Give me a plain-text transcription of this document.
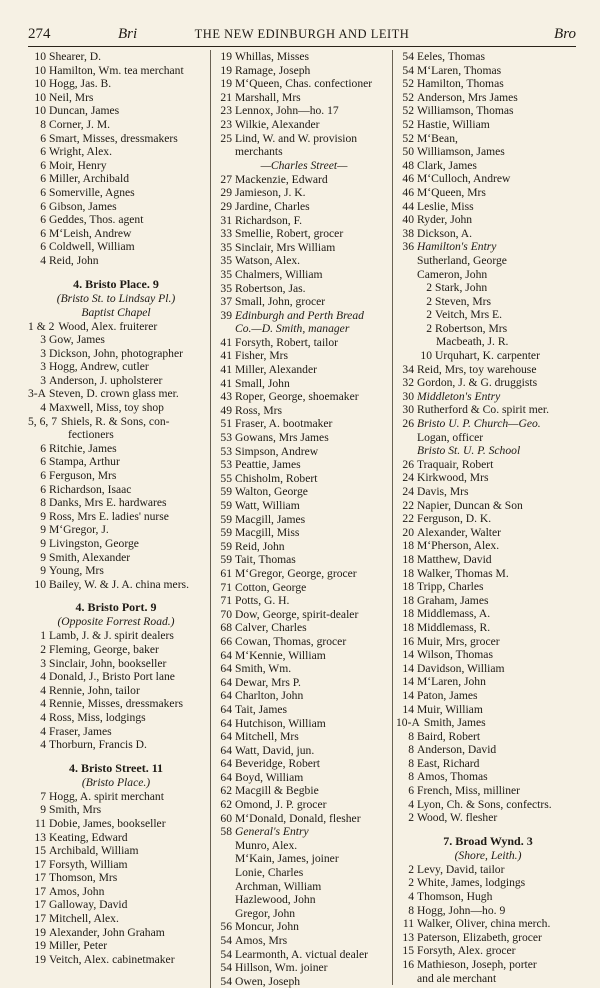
274	Bri	THE NEW EDINBURGH AND LEITH	Bro
10 Shearer, D.
10 Hamilton, Wm. tea merchant
10 Hogg, Jas. B.
10 Neil, Mrs
10 Duncan, James
8 Corner, J. M.
6 Smart, Misses, dressmakers
6 Wright, Alex.
6 Moir, Henry
6 Miller, Archibald
6 Somerville, Agnes
6 Gibson, James
6 Geddes, Thos. agent
6 M‘Leish, Andrew
6 Coldwell, William
4 Reid, John
4. Bristo Place. 9
(Bristo St. to Lindsay Pl.)
Baptist Chapel
1 & 2 Wood, Alex. fruiterer
3 Gow, James
3 Dickson, John, photographer
3 Hogg, Andrew, cutler
3 Anderson, J. upholsterer
3-A Steven, D. crown glass mer.
4 Maxwell, Miss, toy shop
5, 6, 7 Shiels, R. & Sons, con-
fectioners
6 Ritchie, James
6 Stampa, Arthur
6 Ferguson, Mrs
6 Richardson, Isaac
8 Danks, Mrs E. hardwares
9 Ross, Mrs E. ladies' nurse
9 M‘Gregor, J.
9 Livingston, George
9 Smith, Alexander
9 Young, Mrs
10 Bailey, W. & J. A. china mers.
4. Bristo Port. 9
(Opposite Forrest Road.)
1 Lamb, J. & J. spirit dealers
2 Fleming, George, baker
3 Sinclair, John, bookseller
4 Donald, J., Bristo Port lane
4 Rennie, John, tailor
4 Rennie, Misses, dressmakers
4 Ross, Miss, lodgings
4 Fraser, James
4 Thorburn, Francis D.
4. Bristo Street. 11
(Bristo Place.)
7 Hogg, A. spirit merchant
9 Smith, Mrs
11 Dobie, James, bookseller
13 Keating, Edward
15 Archibald, William
17 Forsyth, William
17 Thomson, Mrs
17 Amos, John
17 Galloway, David
17 Mitchell, Alex.
19 Alexander, John Graham
19 Miller, Peter
19 Veitch, Alex. cabinetmaker
19 Whillas, Misses
19 Ramage, Joseph
19 M‘Queen, Chas. confectioner
21 Marshall, Mrs
23 Lennox, John—ho. 17
23 Wilkie, Alexander
25 Lind, W. and W. provision
merchants
—Charles Street—
27 Mackenzie, Edward
29 Jamieson, J. K.
29 Jardine, Charles
31 Richardson, F.
33 Smellie, Robert, grocer
35 Sinclair, Mrs William
35 Watson, Alex.
35 Chalmers, William
35 Robertson, Jas.
37 Small, John, grocer
39 Edinburgh and Perth Bread
Co.—D. Smith, manager
41 Forsyth, Robert, tailor
41 Fisher, Mrs
41 Miller, Alexander
41 Small, John
43 Roper, George, shoemaker
49 Ross, Mrs
51 Fraser, A. bootmaker
53 Gowans, Mrs James
53 Simpson, Andrew
53 Peattie, James
55 Chisholm, Robert
59 Walton, George
59 Watt, William
59 Macgill, James
59 Macgill, Miss
59 Reid, John
59 Tait, Thomas
61 M‘Gregor, George, grocer
71 Cotton, George
71 Potts, G. H.
70 Dow, George, spirit-dealer
68 Calver, Charles
66 Cowan, Thomas, grocer
64 M‘Kennie, William
64 Smith, Wm.
64 Dewar, Mrs P.
64 Charlton, John
64 Tait, James
64 Hutchison, William
64 Mitchell, Mrs
64 Watt, David, jun.
64 Beveridge, Robert
64 Boyd, William
62 Macgill & Begbie
62 Omond, J. P. grocer
60 M‘Donald, Donald, flesher
58 General's Entry
Munro, Alex.
M‘Kain, James, joiner
Lonie, Charles
Archman, William
Hazlewood, John
Gregor, John
56 Moncur, John
54 Amos, Mrs
54 Learmonth, A. victual dealer
54 Hillson, Wm. joiner
54 Owen, Joseph
54 Eeles, Thomas
54 M‘Laren, Thomas
52 Hamilton, Thomas
52 Anderson, Mrs James
52 Williamson, Thomas
52 Hastie, William
52 M‘Bean,
50 Williamson, James
48 Clark, James
46 M‘Culloch, Andrew
46 M‘Queen, Mrs
44 Leslie, Miss
40 Ryder, John
38 Dickson, A.
36 Hamilton's Entry
Sutherland, George
Cameron, John
2 Stark, John
2 Steven, Mrs
2 Veitch, Mrs E.
2 Robertson, Mrs
Macbeath, J. R.
10 Urquhart, K. carpenter
34 Reid, Mrs, toy warehouse
32 Gordon, J. & G. druggists
30 Middleton's Entry
30 Rutherford & Co. spirit mer.
26 Bristo U. P. Church—Geo.
Logan, officer
Bristo St. U. P. School
26 Traquair, Robert
24 Kirkwood, Mrs
24 Davis, Mrs
22 Napier, Duncan & Son
22 Ferguson, D. K.
20 Alexander, Walter
18 M‘Pherson, Alex.
18 Matthew, David
18 Walker, Thomas M.
18 Tripp, Charles
18 Graham, James
18 Middlemass, A.
18 Middlemass, R.
16 Muir, Mrs, grocer
14 Wilson, Thomas
14 Davidson, William
14 M‘Laren, John
14 Paton, James
14 Muir, William
10-A Smith, James
8 Baird, Robert
8 Anderson, David
8 East, Richard
8 Amos, Thomas
6 French, Miss, milliner
4 Lyon, Ch. & Sons, confectrs.
2 Wood, W. flesher
7. Broad Wynd. 3
(Shore, Leith.)
2 Levy, David, tailor
2 White, James, lodgings
4 Thomson, Hugh
8 Hogg, John—ho. 9
11 Walker, Oliver, china merch.
13 Paterson, Elizabeth, grocer
15 Forsyth, Alex. grocer
16 Mathieson, Joseph, porter
and ale merchant
